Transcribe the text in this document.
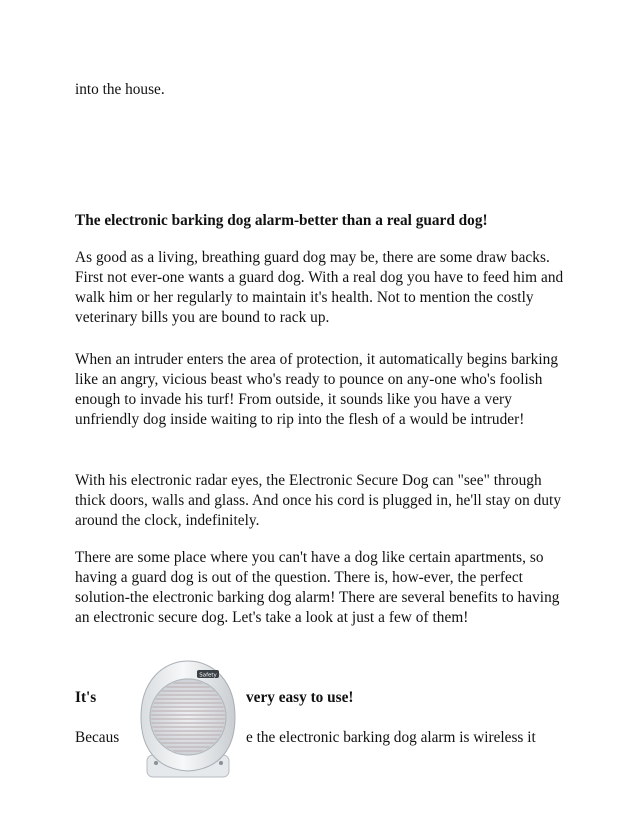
into the house.

The electronic barking dog alarm-better than a real guard dog!

As good as a living, breathing guard dog may be, there are some draw backs. First not ever-one wants a guard dog. With a real dog you have to feed him and walk him or her regularly to maintain it's health. Not to mention the costly veterinary bills you are bound to rack up.

When an intruder enters the area of protection, it automatically begins barking like an angry, vicious beast who's ready to pounce on any-one who's foolish enough to invade his turf! From outside, it sounds like you have a very unfriendly dog inside waiting to rip into the flesh of a would be intruder!

With his electronic radar eyes, the Electronic Secure Dog can "see" through thick doors, walls and glass. And once his cord is plugged in, he'll stay on duty around the clock, indefinitely.

There are some place where you can't have a dog like certain apartments, so having a guard dog is out of the question. There is, how-ever, the perfect solution-the electronic barking dog alarm! There are several benefits to having an electronic secure dog. Let's take a look at just a few of them!

It's	very easy to use!

Becaus	e the electronic barking dog alarm is wireless it

Safety
